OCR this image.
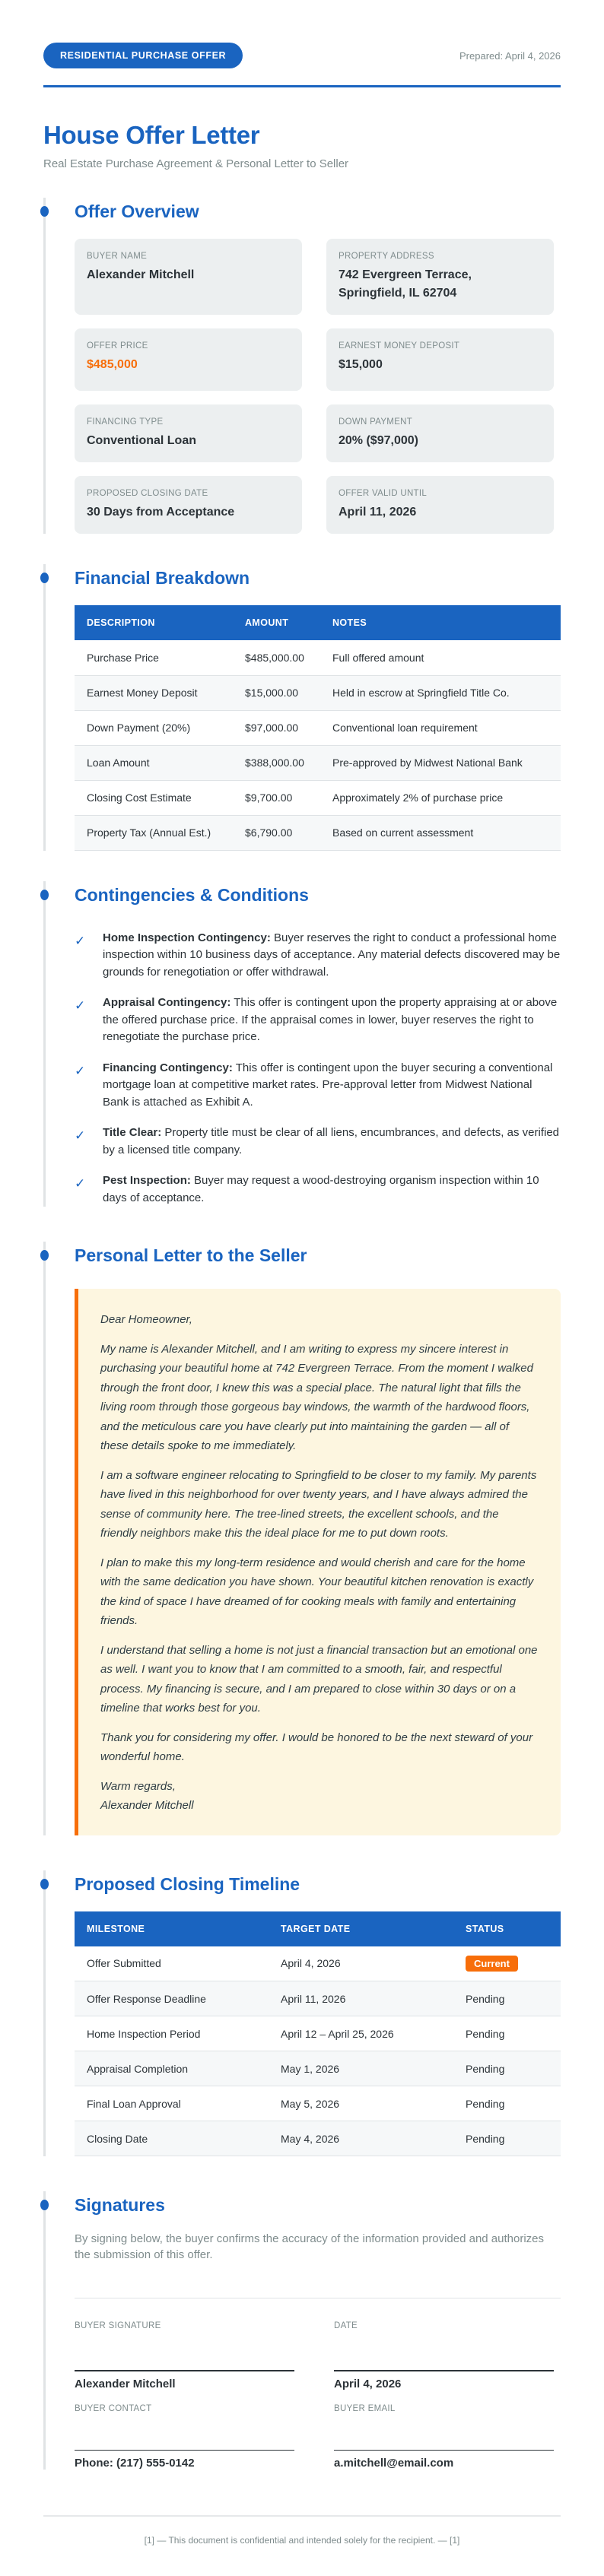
RESIDENTIAL PURCHASE OFFER	Prepared: April 4, 2026
House Offer Letter
Real Estate Purchase Agreement & Personal Letter to Seller
Offer Overview
BUYER NAME
Alexander Mitchell
PROPERTY ADDRESS
742 Evergreen Terrace, Springfield, IL 62704
OFFER PRICE
$485,000
EARNEST MONEY DEPOSIT
$15,000
FINANCING TYPE
Conventional Loan
DOWN PAYMENT
20% ($97,000)
PROPOSED CLOSING DATE
30 Days from Acceptance
OFFER VALID UNTIL
April 11, 2026
Financial Breakdown
DESCRIPTION	AMOUNT	NOTES
Purchase Price	$485,000.00	Full offered amount
Earnest Money Deposit	$15,000.00	Held in escrow at Springfield Title Co.
Down Payment (20%)	$97,000.00	Conventional loan requirement
Loan Amount	$388,000.00	Pre-approved by Midwest National Bank
Closing Cost Estimate	$9,700.00	Approximately 2% of purchase price
Property Tax (Annual Est.)	$6,790.00	Based on current assessment
Contingencies & Conditions
✓	Home Inspection Contingency: Buyer reserves the right to conduct a professional home inspection within 10 business days of acceptance. Any material defects discovered may be grounds for renegotiation or offer withdrawal.
✓	Appraisal Contingency: This offer is contingent upon the property appraising at or above the offered purchase price. If the appraisal comes in lower, buyer reserves the right to renegotiate the purchase price.
✓	Financing Contingency: This offer is contingent upon the buyer securing a conventional mortgage loan at competitive market rates. Pre-approval letter from Midwest National Bank is attached as Exhibit A.
✓	Title Clear: Property title must be clear of all liens, encumbrances, and defects, as verified by a licensed title company.
✓	Pest Inspection: Buyer may request a wood-destroying organism inspection within 10 days of acceptance.
Personal Letter to the Seller

Dear Homeowner,

My name is Alexander Mitchell, and I am writing to express my sincere interest in purchasing your beautiful home at 742 Evergreen Terrace. From the moment I walked through the front door, I knew this was a special place. The natural light that fills the living room through those gorgeous bay windows, the warmth of the hardwood floors, and the meticulous care you have clearly put into maintaining the garden — all of these details spoke to me immediately.

I am a software engineer relocating to Springfield to be closer to my family. My parents have lived in this neighborhood for over twenty years, and I have always admired the sense of community here. The tree-lined streets, the excellent schools, and the friendly neighbors make this the ideal place for me to put down roots.

I plan to make this my long-term residence and would cherish and care for the home with the same dedication you have shown. Your beautiful kitchen renovation is exactly the kind of space I have dreamed of for cooking meals with family and entertaining friends.

I understand that selling a home is not just a financial transaction but an emotional one as well. I want you to know that I am committed to a smooth, fair, and respectful process. My financing is secure, and I am prepared to close within 30 days or on a timeline that works best for you.

Thank you for considering my offer. I would be honored to be the next steward of your wonderful home.

Warm regards,
Alexander Mitchell

Proposed Closing Timeline
MILESTONE	TARGET DATE	STATUS
Offer Submitted	April 4, 2026	Current
Offer Response Deadline	April 11, 2026	Pending
Home Inspection Period	April 12 – April 25, 2026	Pending
Appraisal Completion	May 1, 2026	Pending
Final Loan Approval	May 5, 2026	Pending
Closing Date	May 4, 2026	Pending
Signatures

By signing below, the buyer confirms the accuracy of the information provided and authorizes the submission of this offer.

BUYER SIGNATURE
Alexander Mitchell
DATE
April 4, 2026
BUYER CONTACT
Phone: (217) 555-0142
BUYER EMAIL
a.mitchell@email.com
[1] — This document is confidential and intended solely for the recipient. — [1]
